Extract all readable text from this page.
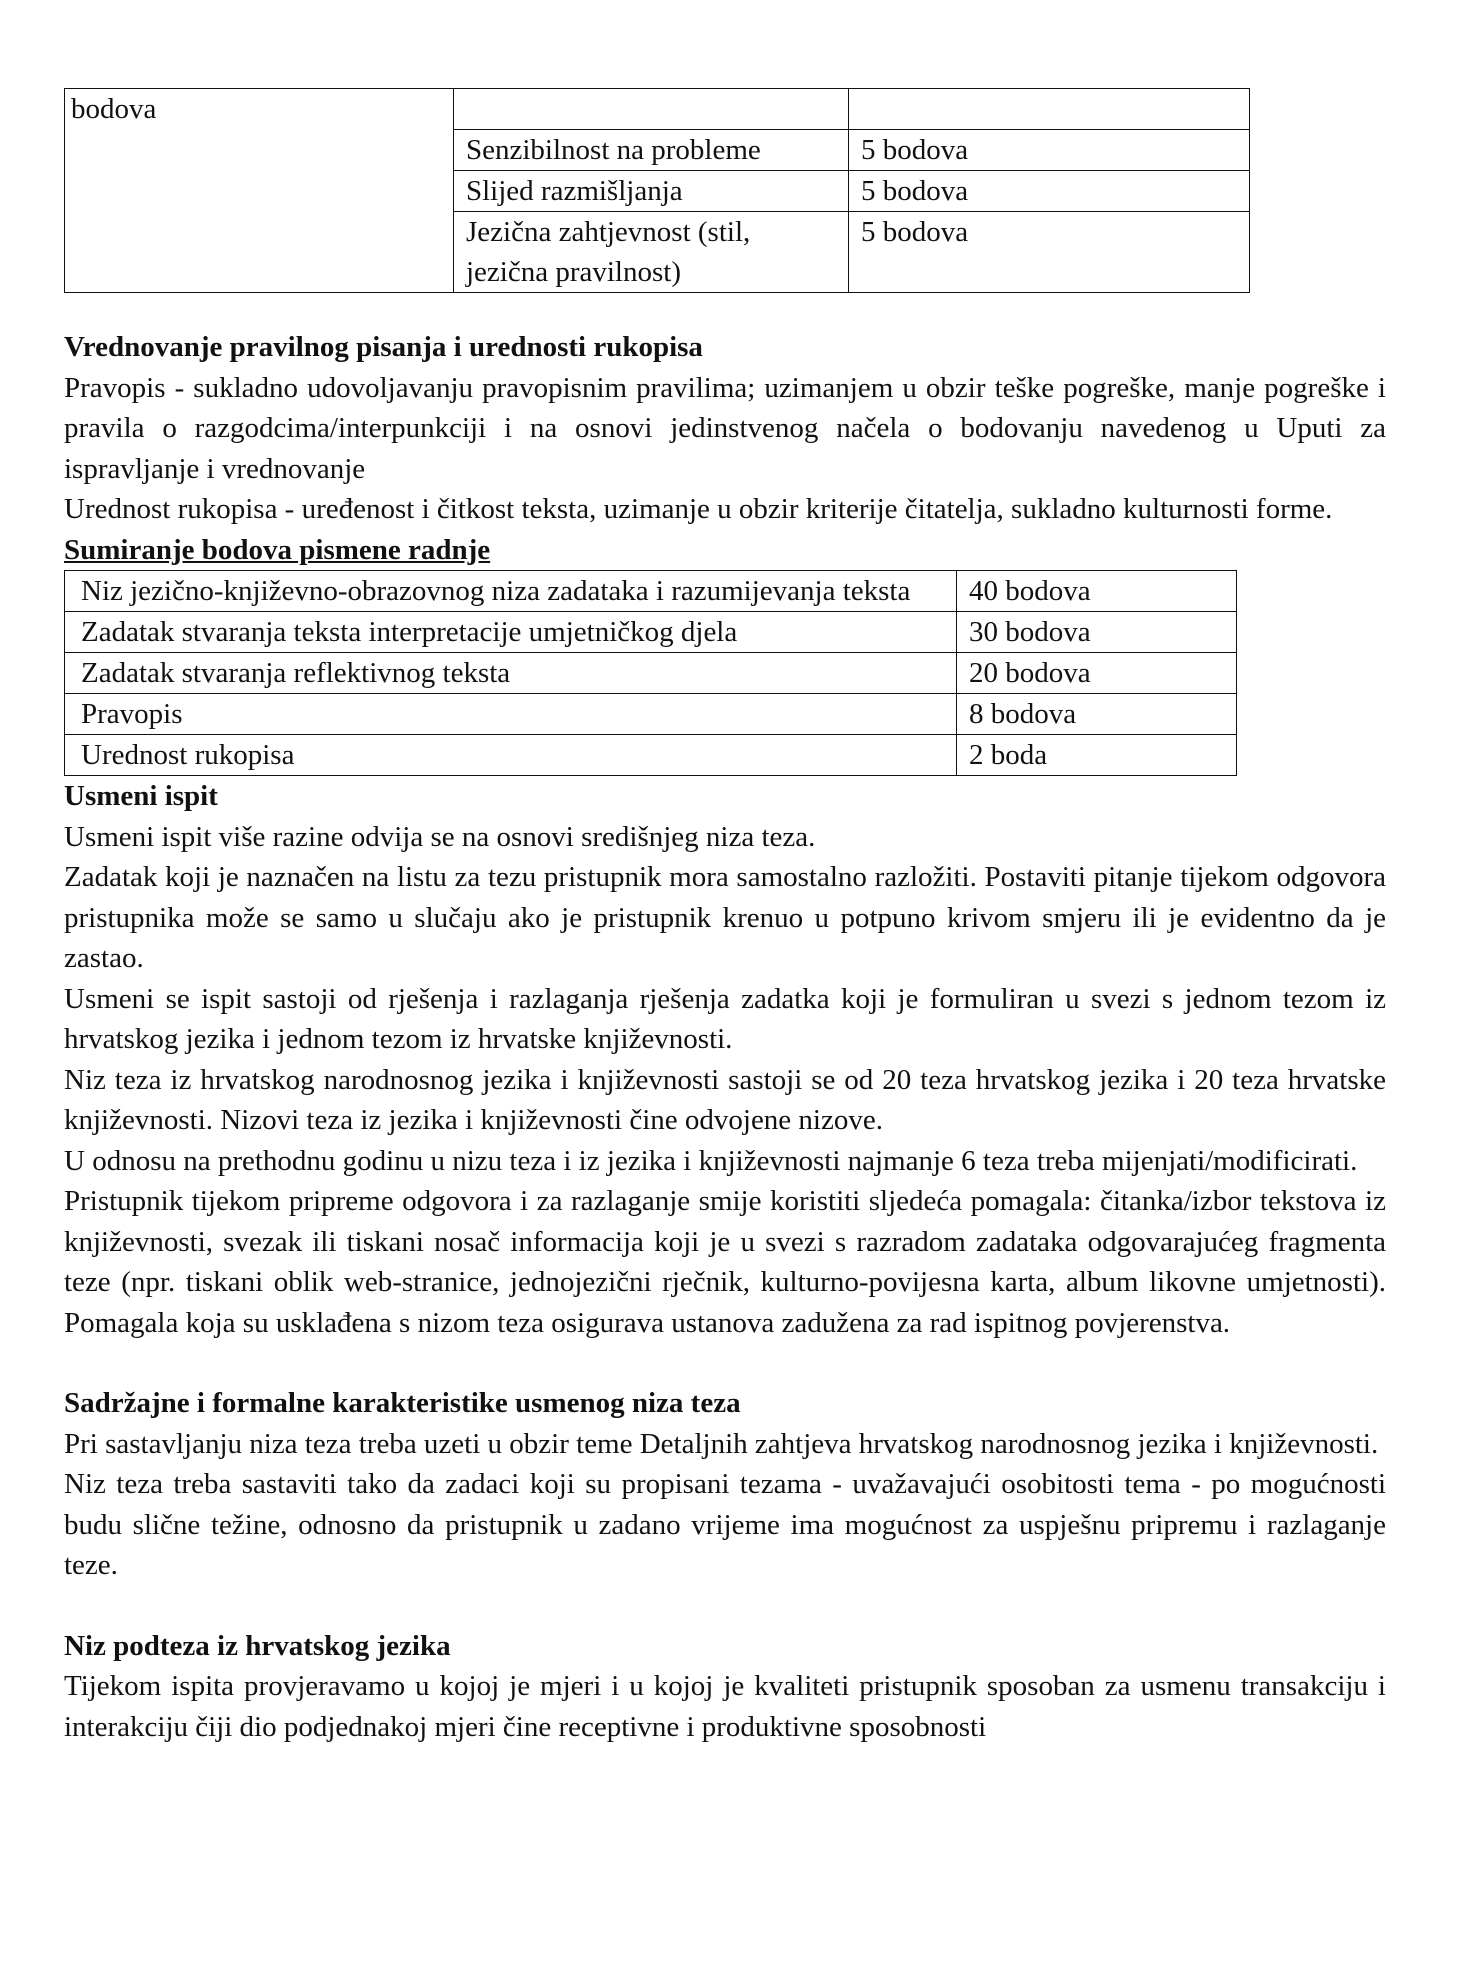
bodova		
	Senzibilnost na probleme	5 bodova
	Slijed razmišljanja	5 bodova
	Jezična zahtjevnost (stil, jezična pravilnost)	5 bodova
Vrednovanje pravilnog pisanja i urednosti rukopisa

Pravopis - sukladno udovoljavanju pravopisnim pravilima; uzimanjem u obzir teške pogreške, manje pogreške i pravila o razgodcima/interpunkciji i na osnovi jedinstvenog načela o bodovanju navedenog u Uputi za ispravljanje i vrednovanje

Urednost rukopisa - uređenost i čitkost teksta, uzimanje u obzir kriterije čitatelja, sukladno kulturnosti forme.

Sumiranje bodova pismene radnje
Niz jezično-književno-obrazovnog niza zadataka i razumijevanja teksta	40 bodova
Zadatak stvaranja teksta interpretacije umjetničkog djela	30 bodova
Zadatak stvaranja reflektivnog teksta	20 bodova
Pravopis	8 bodova
Urednost rukopisa	2 boda
Usmeni ispit

Usmeni ispit više razine odvija se na osnovi središnjeg niza teza.

Zadatak koji je naznačen na listu za tezu pristupnik mora samostalno razložiti. Postaviti pitanje tijekom odgovora pristupnika može se samo u slučaju ako je pristupnik krenuo u potpuno krivom smjeru ili je evidentno da je zastao.

Usmeni se ispit sastoji od rješenja i razlaganja rješenja zadatka koji je formuliran u svezi s jednom tezom iz hrvatskog jezika i jednom tezom iz hrvatske književnosti.

Niz teza iz hrvatskog narodnosnog jezika i književnosti sastoji se od 20 teza hrvatskog jezika i 20 teza hrvatske književnosti. Nizovi teza iz jezika i književnosti čine odvojene nizove.

U odnosu na prethodnu godinu u nizu teza i iz jezika i književnosti najmanje 6 teza treba mijenjati/modificirati.

Pristupnik tijekom pripreme odgovora i za razlaganje smije koristiti sljedeća pomagala: čitanka/izbor tekstova iz književnosti, svezak ili tiskani nosač informacija koji je u svezi s razradom zadataka odgovarajućeg fragmenta teze (npr. tiskani oblik web-stranice, jednojezični rječnik, kulturno-povijesna karta, album likovne umjetnosti). Pomagala koja su usklađena s nizom teza osigurava ustanova zadužena za rad ispitnog povjerenstva.

Sadržajne i formalne karakteristike usmenog niza teza

Pri sastavljanju niza teza treba uzeti u obzir teme Detaljnih zahtjeva hrvatskog narodnosnog jezika i književnosti.

Niz teza treba sastaviti tako da zadaci koji su propisani tezama - uvažavajući osobitosti tema - po mogućnosti budu slične težine, odnosno da pristupnik u zadano vrijeme ima mogućnost za uspješnu pripremu i razlaganje teze.

Niz podteza iz hrvatskog jezika

Tijekom ispita provjeravamo u kojoj je mjeri i u kojoj je kvaliteti pristupnik sposoban za usmenu transakciju i interakciju čiji dio podjednakoj mjeri čine receptivne i produktivne sposobnosti
